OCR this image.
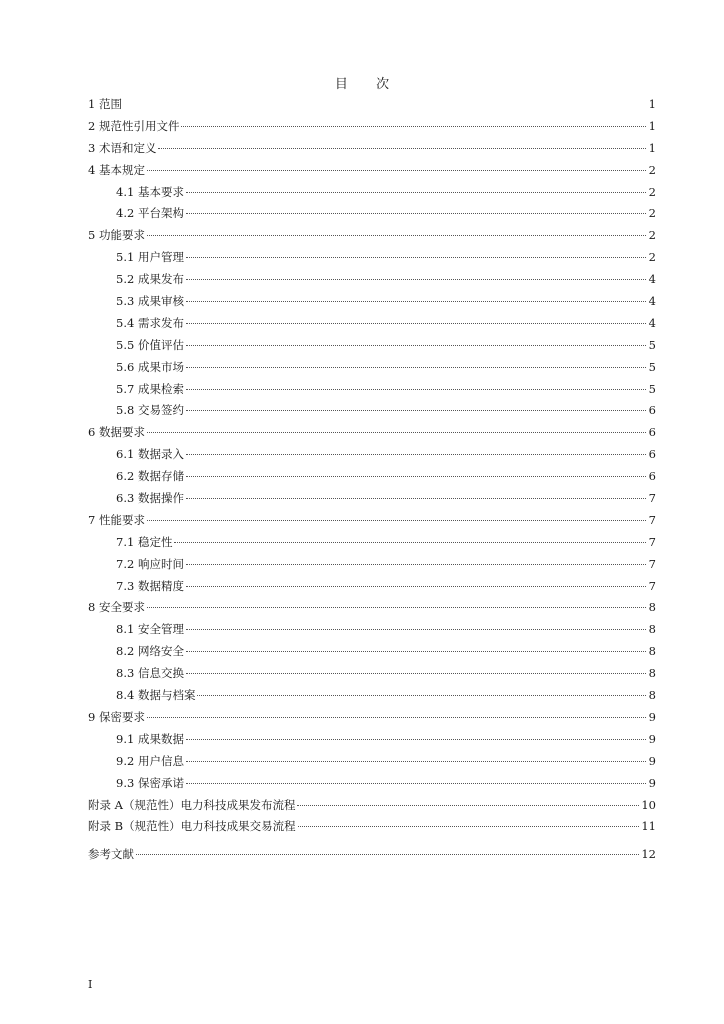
目 次
1 范围	1
2 规范性引用文件	1
3 术语和定义	1
4 基本规定	2
4.1 基本要求	2
4.2 平台架构	2
5 功能要求	2
5.1 用户管理	2
5.2 成果发布	4
5.3 成果审核	4
5.4 需求发布	4
5.5 价值评估	5
5.6 成果市场	5
5.7 成果检索	5
5.8 交易签约	6
6 数据要求	6
6.1 数据录入	6
6.2 数据存储	6
6.3 数据操作	7
7 性能要求	7
7.1 稳定性	7
7.2 响应时间	7
7.3 数据精度	7
8 安全要求	8
8.1 安全管理	8
8.2 网络安全	8
8.3 信息交换	8
8.4 数据与档案	8
9 保密要求	9
9.1 成果数据	9
9.2 用户信息	9
9.3 保密承诺	9
附录 A（规范性）电力科技成果发布流程	10
附录 B（规范性）电力科技成果交易流程	11
参考文献	12
I
